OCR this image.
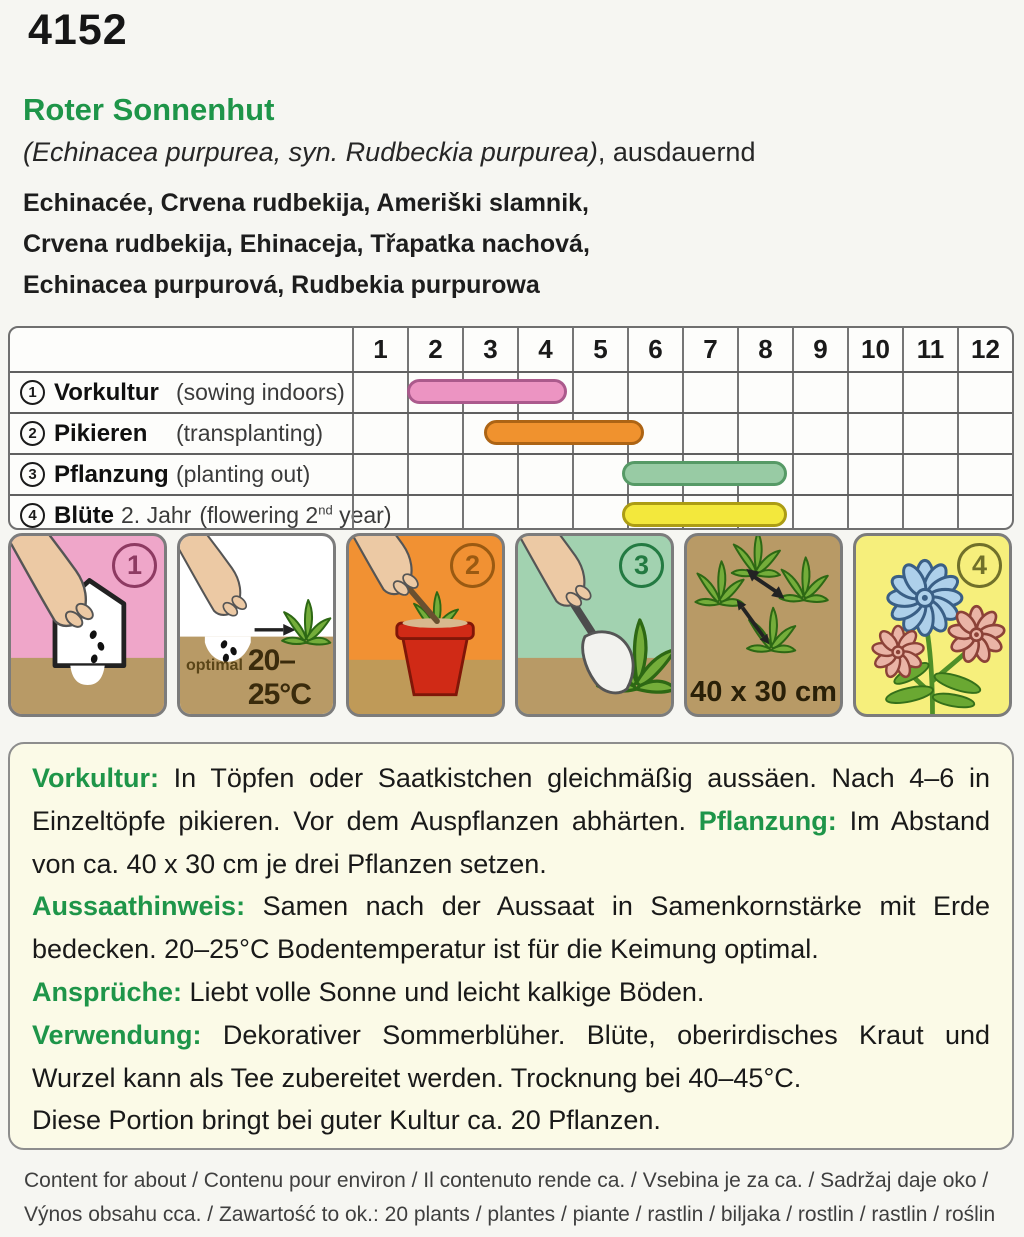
4152
Roter Sonnenhut
(Echinacea purpurea, syn. Rudbeckia purpurea), ausdauernd
Echinacée, Crvena rudbekija, Ameriški slamnik,
Crvena rudbekija, Ehinaceja, Třapatka nachová,
Echinacea purpurová, Rudbekia purpurowa
1	2	3	4	5	6	7	8	9	10	11	12
1 Vorkultur (sowing indoors)
2 Pikieren	(transplanting)
3 Pflanzung (planting out)
4 Blüte 2. Jahr (flowering 2nd year)
1
optimal 20–25°C
2	3
40 x 30 cm
4

Vorkultur: In Töpfen oder Saatkistchen gleichmäßig aussäen. Nach 4–6 in Einzeltöpfe pikieren. Vor dem Auspflanzen abhärten. Pflanzung: Im Abstand von ca. 40 x 30 cm je drei Pflanzen setzen.

Aussaathinweis: Samen nach der Aussaat in Samenkornstärke mit Erde bedecken. 20–25°C Bodentemperatur ist für die Keimung optimal.

Ansprüche: Liebt volle Sonne und leicht kalkige Böden.

Verwendung: Dekorativer Sommerblüher. Blüte, oberirdisches Kraut und Wurzel kann als Tee zubereitet werden. Trocknung bei 40–45°C.

Diese Portion bringt bei guter Kultur ca. 20 Pflanzen.

Content for about / Contenu pour environ / Il contenuto rende ca. / Vsebina je za ca. / Sadržaj daje oko /
Výnos obsahu cca. / Zawartość to ok.: 20 plants / plantes / piante / rastlin / biljaka / rostlin / rastlin / roślin
